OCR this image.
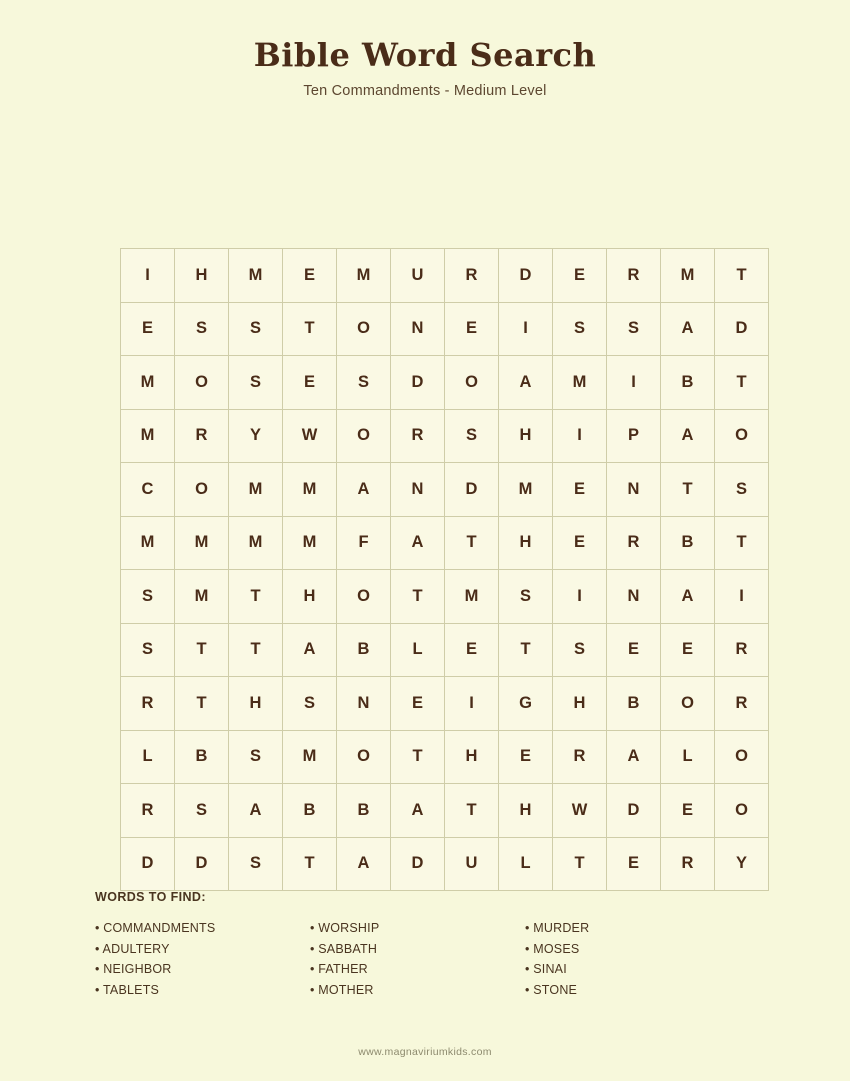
Bible Word Search
Ten Commandments - Medium Level
I	H	M	E	M	U	R	D	E	R	M	T
E	S	S	T	O	N	E	I	S	S	A	D
M	O	S	E	S	D	O	A	M	I	B	T
M	R	Y	W	O	R	S	H	I	P	A	O
C	O	M	M	A	N	D	M	E	N	T	S
M	M	M	M	F	A	T	H	E	R	B	T
S	M	T	H	O	T	M	S	I	N	A	I
S	T	T	A	B	L	E	T	S	E	E	R
R	T	H	S	N	E	I	G	H	B	O	R
L	B	S	M	O	T	H	E	R	A	L	O
R	S	A	B	B	A	T	H	W	D	E	O
D	D	S	T	A	D	U	L	T	E	R	Y
WORDS TO FIND:
• COMMANDMENTS
• ADULTERY
• NEIGHBOR
• TABLETS
• WORSHIP
• SABBATH
• FATHER
• MOTHER
• MURDER
• MOSES
• SINAI
• STONE
www.magnaviriumkids.com
